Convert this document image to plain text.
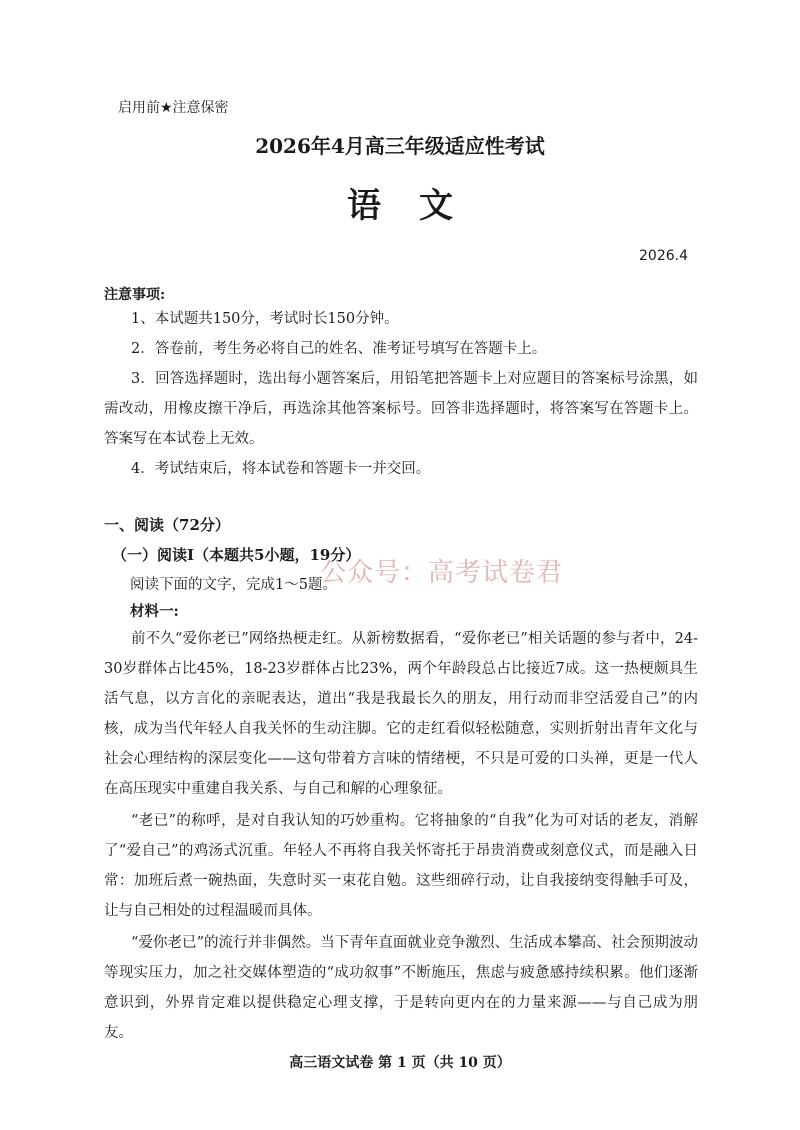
启用前★注意保密

2026年4月高三年级适应性考试

语文

2026.4

注意事项:

1、本试题共150分，考试时长150分钟。

2．答卷前，考生务必将自己的姓名、准考证号填写在答题卡上。

3．回答选择题时，选出每小题答案后，用铅笔把答题卡上对应题目的答案标号涂黑，如需改动，用橡皮擦干净后，再选涂其他答案标号。回答非选择题时，将答案写在答题卡上。答案写在本试卷上无效。

4．考试结束后，将本试卷和答题卡一并交回。

一、阅读（72分）

（一）阅读I（本题共5小题，19分）

公众号：高考试卷君

阅读下面的文字，完成1～5题。

材料一:

前不久“爱你老已”网络热梗走红。从新榜数据看，“爱你老已”相关话题的参与者中，24-30岁群体占比45%，18-23岁群体占比23%，两个年龄段总占比接近7成。这一热梗颇具生活气息，以方言化的亲昵表达，道出“我是我最长久的朋友，用行动而非空活爱自己”的内核，成为当代年轻人自我关怀的生动注脚。它的走红看似轻松随意，实则折射出青年文化与社会心理结构的深层变化——这句带着方言味的情绪梗，不只是可爱的口头禅，更是一代人在高压现实中重建自我关系、与自己和解的心理象征。

“老已”的称呼，是对自我认知的巧妙重构。它将抽象的“自我”化为可对话的老友，消解了“爱自己”的鸡汤式沉重。年轻人不再将自我关怀寄托于昂贵消费或刻意仪式，而是融入日常：加班后煮一碗热面，失意时买一束花自勉。这些细碎行动，让自我接纳变得触手可及，让与自己相处的过程温暖而具体。

“爱你老已”的流行并非偶然。当下青年直面就业竞争激烈、生活成本攀高、社会预期波动等现实压力，加之社交媒体塑造的“成功叙事”不断施压，焦虑与疲惫感持续积累。他们逐渐意识到，外界肯定难以提供稳定心理支撑，于是转向更内在的力量来源——与自己成为朋友。

高三语文试卷 第 1 页（共 10 页）
